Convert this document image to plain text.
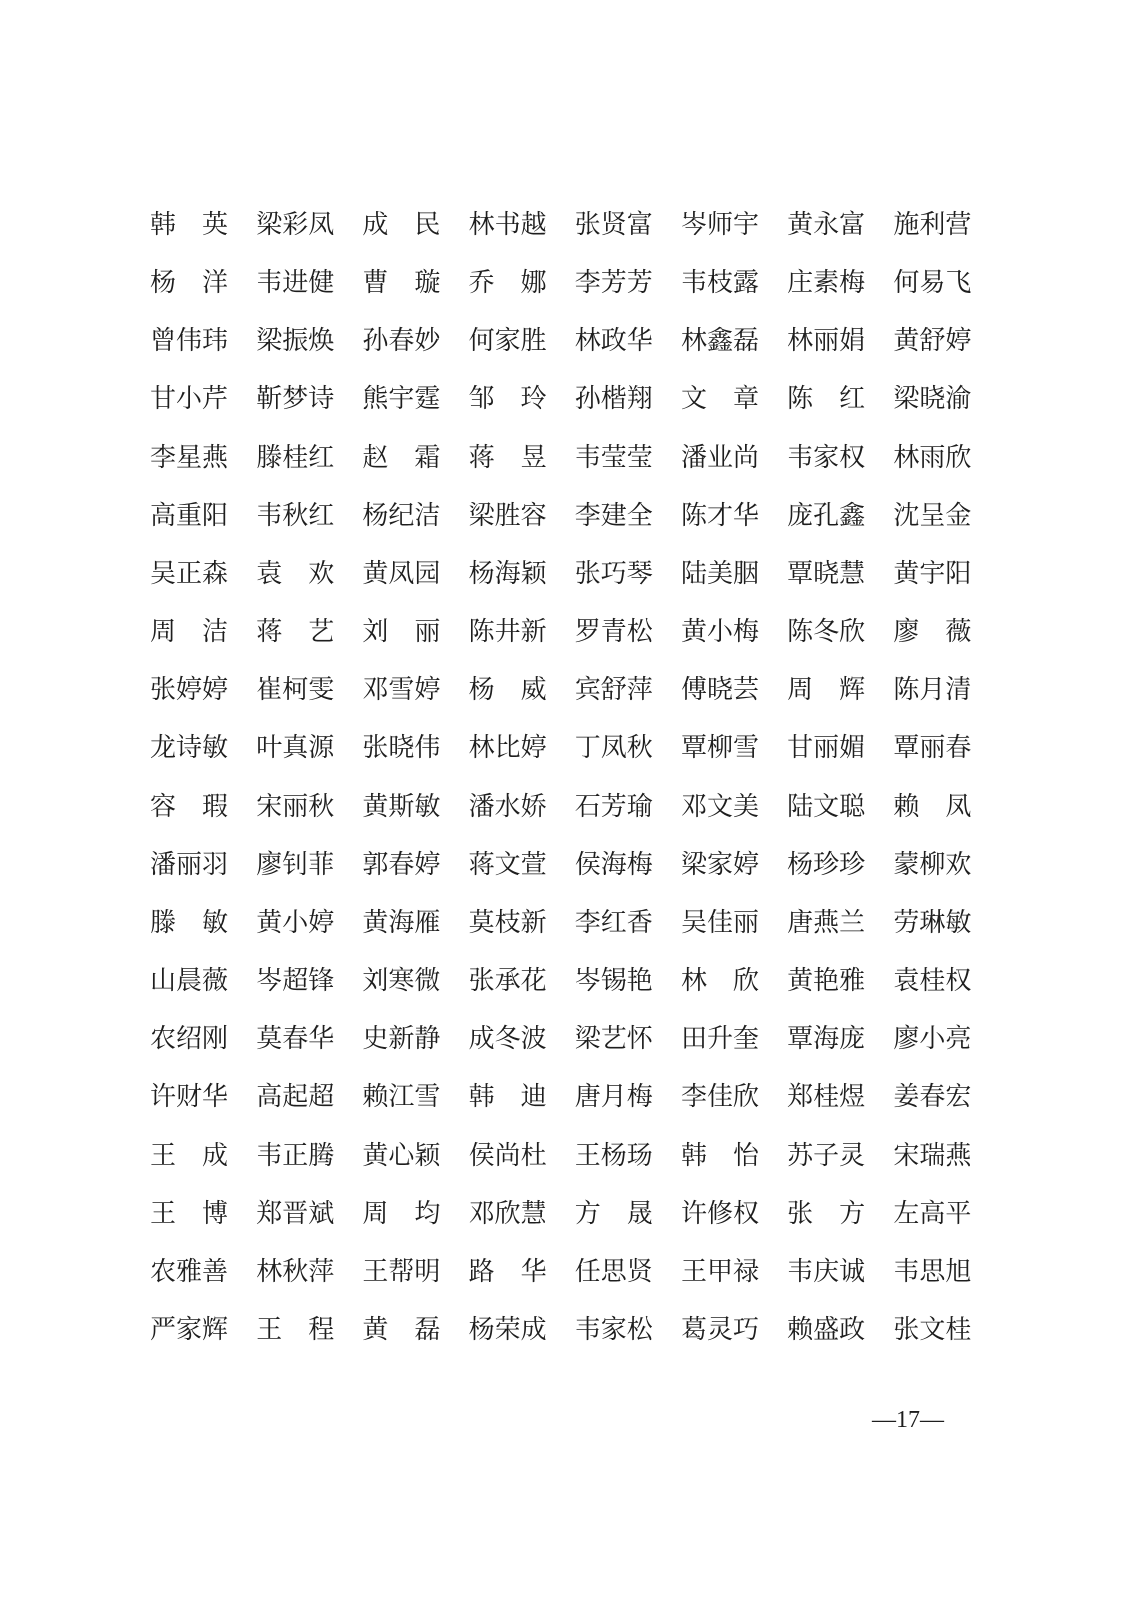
韩　英	梁彩凤	成　民	林书越	张贤富	岑师宇	黄永富	施利营
杨　洋	韦进健	曹　璇	乔　娜	李芳芳	韦枝露	庄素梅	何易飞
曾伟玮	梁振焕	孙春妙	何家胜	林政华	林鑫磊	林丽娟	黄舒婷
甘小芹	靳梦诗	熊宇霆	邹　玲	孙楷翔	文　章	陈　红	梁晓渝
李星燕	滕桂红	赵　霜	蒋　昱	韦莹莹	潘业尚	韦家权	林雨欣
高重阳	韦秋红	杨纪洁	梁胜容	李建全	陈才华	庞孔鑫	沈呈金
吴正森	袁　欢	黄凤园	杨海颖	张巧琴	陆美胭	覃晓慧	黄宇阳
周　洁	蒋　艺	刘　丽	陈井新	罗青松	黄小梅	陈冬欣	廖　薇
张婷婷	崔柯雯	邓雪婷	杨　威	宾舒萍	傅晓芸	周　辉	陈月清
龙诗敏	叶真源	张晓伟	林比婷	丁凤秋	覃柳雪	甘丽媚	覃丽春
容　瑕	宋丽秋	黄斯敏	潘水娇	石芳瑜	邓文美	陆文聪	赖　凤
潘丽羽	廖钊菲	郭春婷	蒋文萱	侯海梅	梁家婷	杨珍珍	蒙柳欢
滕　敏	黄小婷	黄海雁	莫枝新	李红香	吴佳丽	唐燕兰	劳琳敏
山晨薇	岑超锋	刘寒微	张承花	岑锡艳	林　欣	黄艳雅	袁桂权
农绍刚	莫春华	史新静	成冬波	梁艺怀	田升奎	覃海庞	廖小亮
许财华	高起超	赖江雪	韩　迪	唐月梅	李佳欣	郑桂煜	姜春宏
王　成	韦正腾	黄心颖	侯尚杜	王杨玚	韩　怡	苏子灵	宋瑞燕
王　博	郑晋斌	周　均	邓欣慧	方　晟	许修权	张　方	左高平
农雅善	林秋萍	王帮明	路　华	任思贤	王甲禄	韦庆诚	韦思旭
严家辉	王　程	黄　磊	杨荣成	韦家松	葛灵巧	赖盛政	张文桂
—17—
